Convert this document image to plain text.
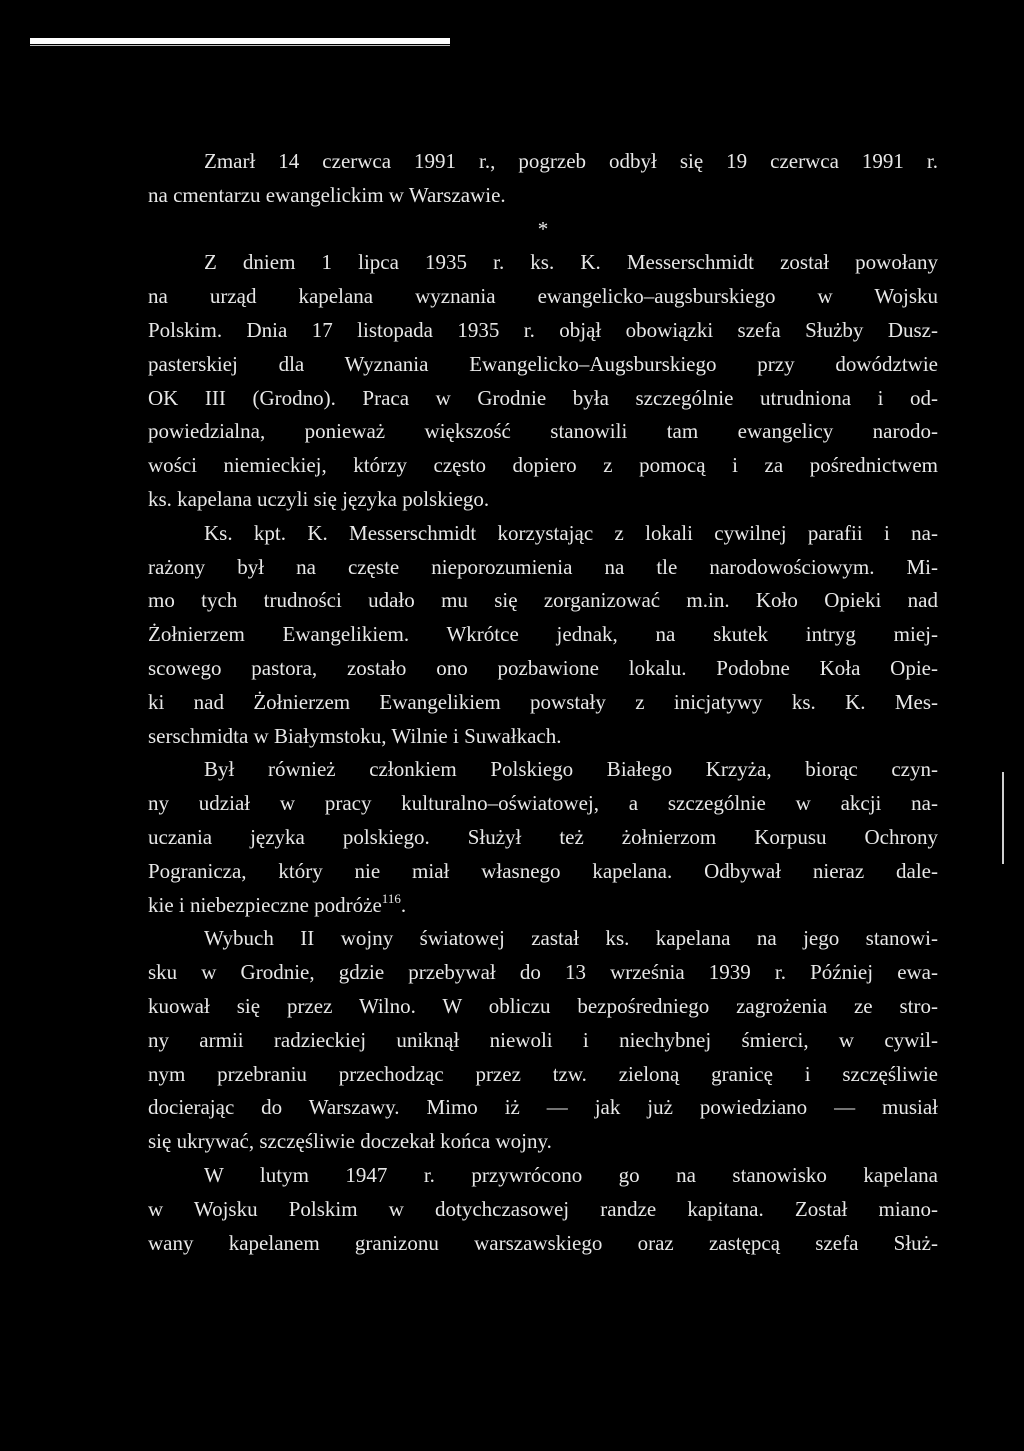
Zmarł 14 czerwca 1991 r., pogrzeb odbył się 19 czerwca 1991 r.
na cmentarzu ewangelickim w Warszawie.
*
Z dniem 1 lipca 1935 r. ks. K. Messerschmidt został powołany
na urząd kapelana wyznania ewangelicko–augsburskiego w Wojsku
Polskim. Dnia 17 listopada 1935 r. objął obowiązki szefa Służby Dusz-
pasterskiej dla Wyznania Ewangelicko–Augsburskiego przy dowództwie
OK III (Grodno). Praca w Grodnie była szczególnie utrudniona i od-
powiedzialna, ponieważ większość stanowili tam ewangelicy narodo-
wości niemieckiej, którzy często dopiero z pomocą i za pośrednictwem
ks. kapelana uczyli się języka polskiego.
Ks. kpt. K. Messerschmidt korzystając z lokali cywilnej parafii i na-
rażony był na częste nieporozumienia na tle narodowościowym. Mi-
mo tych trudności udało mu się zorganizować m.in. Koło Opieki nad
Żołnierzem Ewangelikiem. Wkrótce jednak, na skutek intryg miej-
scowego pastora, zostało ono pozbawione lokalu. Podobne Koła Opie-
ki nad Żołnierzem Ewangelikiem powstały z inicjatywy ks. K. Mes-
serschmidta w Białymstoku, Wilnie i Suwałkach.
Był również członkiem Polskiego Białego Krzyża, biorąc czyn-
ny udział w pracy kulturalno–oświatowej, a szczególnie w akcji na-
uczania języka polskiego. Służył też żołnierzom Korpusu Ochrony
Pogranicza, który nie miał własnego kapelana. Odbywał nieraz dale-
kie i niebezpieczne podróże$^{116}$.
Wybuch II wojny światowej zastał ks. kapelana na jego stanowi-
sku w Grodnie, gdzie przebywał do 13 września 1939 r. Później ewa-
kuował się przez Wilno. W obliczu bezpośredniego zagrożenia ze stro-
ny armii radzieckiej uniknął niewoli i niechybnej śmierci, w cywil-
nym przebraniu przechodząc przez tzw. zieloną granicę i szczęśliwie
docierając do Warszawy. Mimo iż — jak już powiedziano — musiał
się ukrywać, szczęśliwie doczekał końca wojny.
W lutym 1947 r. przywrócono go na stanowisko kapelana
w Wojsku Polskim w dotychczasowej randze kapitana. Został miano-
wany kapelanem granizonu warszawskiego oraz zastępcą szefa Służ-
